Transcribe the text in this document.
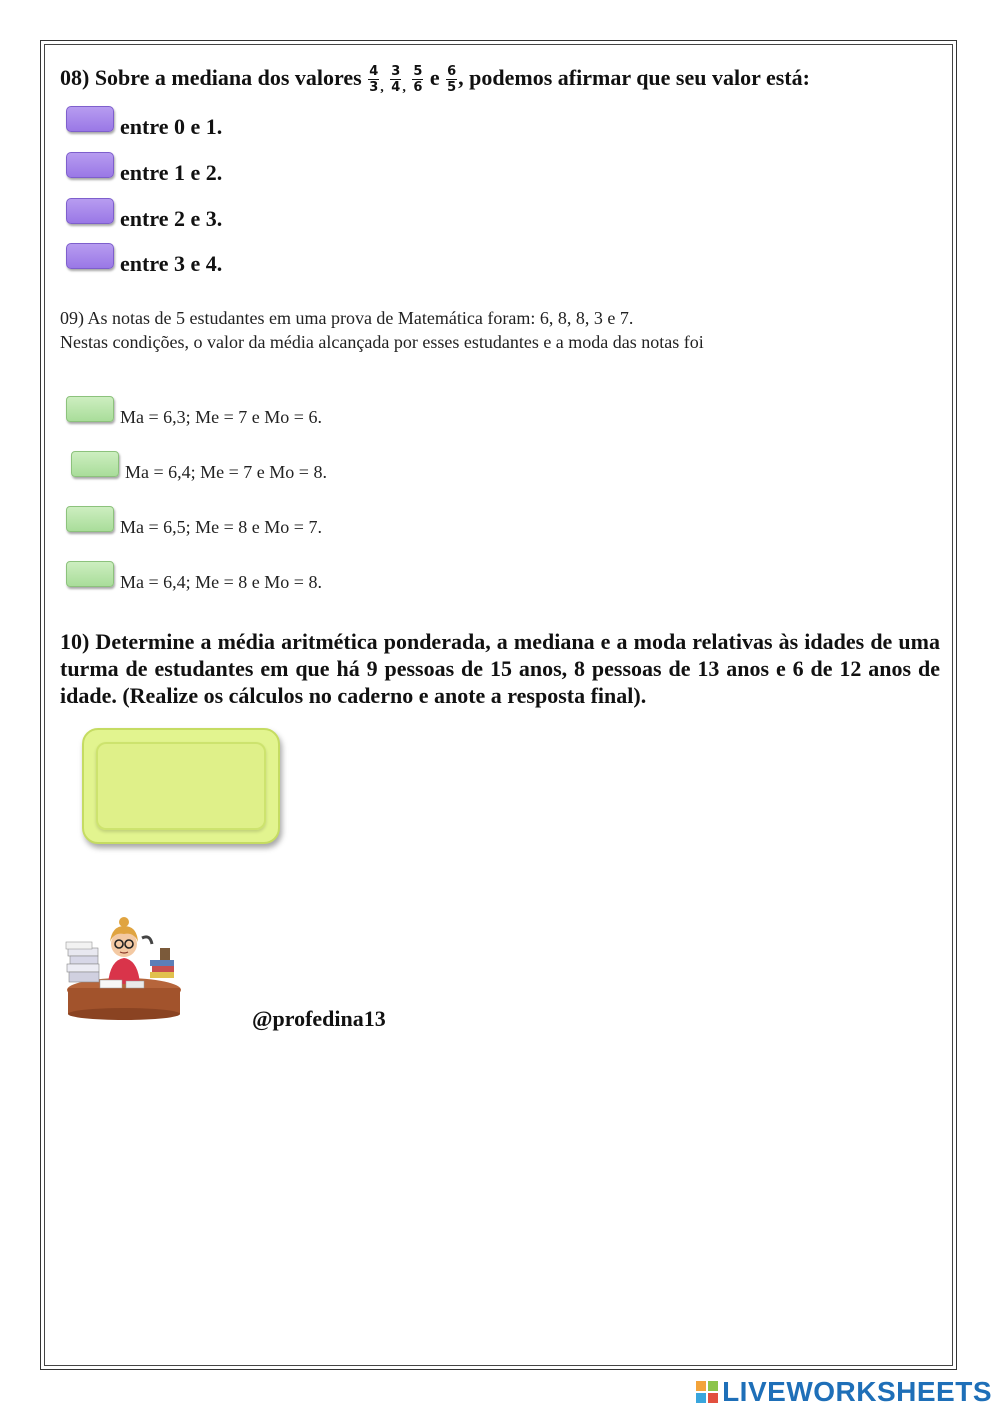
08) Sobre a mediana dos valores $\frac{4}{3} _, \frac{3}{4} _, \frac{5}{6}$ e $\frac{6}{5}$ , podemos afirmar que seu valor está:
entre 0 e 1.
entre 1 e 2.
entre 2 e 3.
entre 3 e 4.
09) As notas de 5 estudantes em uma prova de Matemática foram: 6, 8, 8, 3 e 7.
Nestas condições, o valor da média alcançada por esses estudantes e a moda das notas foi
Ma = 6,3; Me = 7 e Mo = 6.
Ma = 6,4; Me = 7 e Mo = 8.
Ma = 6,5; Me = 8 e Mo = 7.
Ma = 6,4; Me = 8 e Mo = 8.
10) Determine a média aritmética ponderada, a mediana e a moda relativas às idades de uma turma de estudantes em que há 9 pessoas de 15 anos, 8 pessoas de 13 anos e 6 de 12 anos de idade. (Realize os cálculos no caderno e anote a resposta final).
@profedina13
LIVEWORKSHEETS
